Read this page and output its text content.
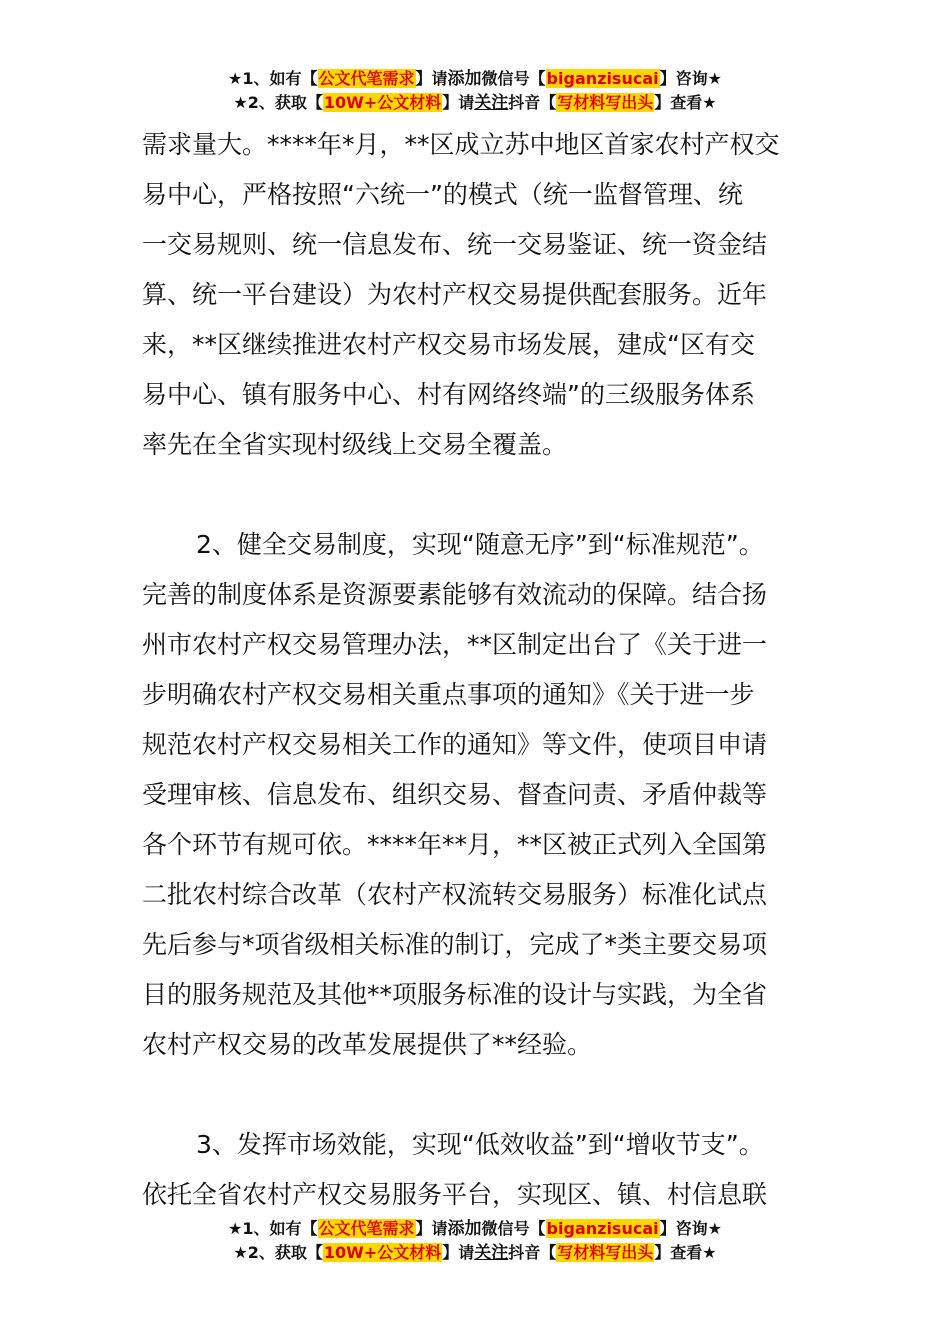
★1、如有【公文代笔需求】请添加微信号【biganzisucai】咨询★
★2、获取【10W+公文材料】请关注抖音【写材料写出头】查看★
需求量大。****年*月，**区成立苏中地区首家农村产权交
易中心，严格按照“六统一”的模式（统一监督管理、统
一交易规则、统一信息发布、统一交易鉴证、统一资金结
算、统一平台建设）为农村产权交易提供配套服务。近年
来，**区继续推进农村产权交易市场发展，建成“区有交
易中心、镇有服务中心、村有网络终端”的三级服务体系
率先在全省实现村级线上交易全覆盖。
2、健全交易制度，实现“随意无序”到“标准规范”。
完善的制度体系是资源要素能够有效流动的保障。结合扬
州市农村产权交易管理办法，**区制定出台了《关于进一
步明确农村产权交易相关重点事项的通知》《关于进一步
规范农村产权交易相关工作的通知》等文件，使项目申请
受理审核、信息发布、组织交易、督查问责、矛盾仲裁等
各个环节有规可依。****年**月，**区被正式列入全国第
二批农村综合改革（农村产权流转交易服务）标准化试点
先后参与*项省级相关标准的制订，完成了*类主要交易项
目的服务规范及其他**项服务标准的设计与实践，为全省
农村产权交易的改革发展提供了**经验。
3、发挥市场效能，实现“低效收益”到“增收节支”。
依托全省农村产权交易服务平台，实现区、镇、村信息联
★1、如有【公文代笔需求】请添加微信号【biganzisucai】咨询★
★2、获取【10W+公文材料】请关注抖音【写材料写出头】查看★
